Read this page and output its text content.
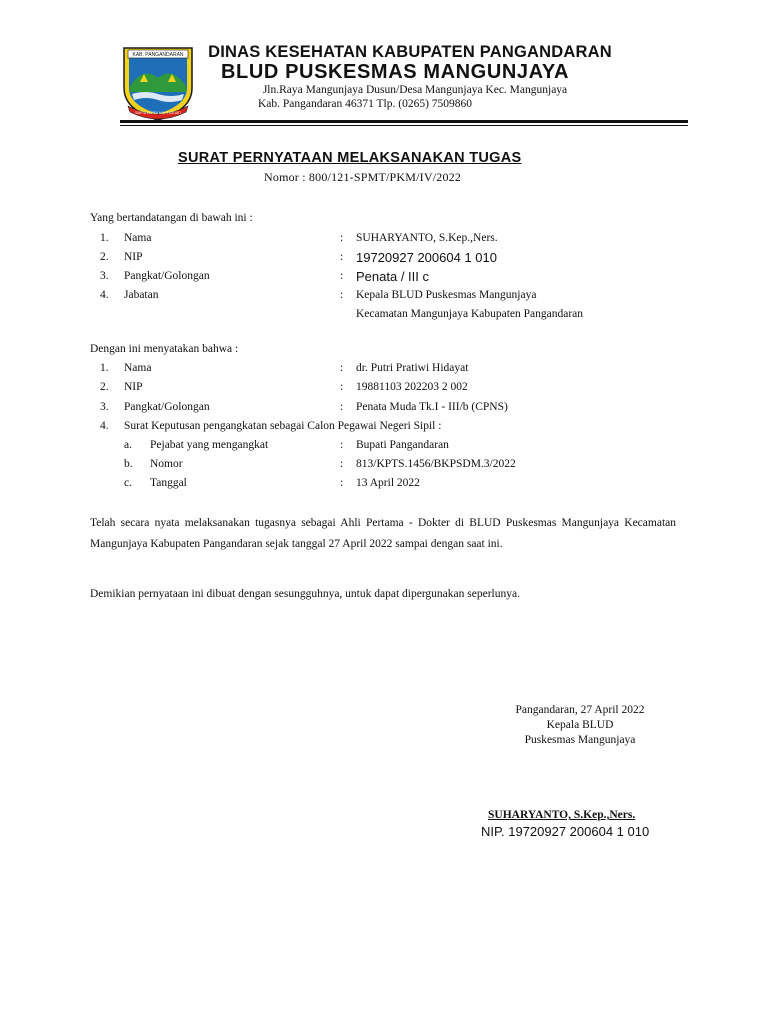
KAB. PANGANDARAN
SAPTA KARSA MUKTISEJATI
DINAS KESEHATAN KABUPATEN PANGANDARAN
BLUD PUSKESMAS MANGUNJAYA
Jln.Raya Mangunjaya Dusun/Desa Mangunjaya Kec. Mangunjaya
Kab. Pangandaran 46371 Tlp. (0265) 7509860
SURAT PERNYATAAN MELAKSANAKAN TUGAS
Nomor : 800/121-SPMT/PKM/IV/2022
Yang bertandatangan di bawah ini :
1. Nama	: SUHARYANTO, S.Kep.,Ners.
2. NIP	: 19720927 200604 1 010
3. Pangkat/Golongan	: Penata / III c
4. Jabatan	: Kepala BLUD Puskesmas Mangunjaya
Kecamatan Mangunjaya Kabupaten Pangandaran
Dengan ini menyatakan bahwa :
1. Nama	: dr. Putri Pratiwi Hidayat
2. NIP	: 19881103 202203 2 002
3. Pangkat/Golongan	: Penata Muda Tk.I - III/b (CPNS)
4. Surat Keputusan pengangkatan sebagai Calon Pegawai Negeri Sipil :
a. Pejabat yang mengangkat	: Bupati Pangandaran
b. Nomor	: 813/KPTS.1456/BKPSDM.3/2022
c. Tanggal	: 13 April 2022
Telah secara nyata melaksanakan tugasnya sebagai Ahli Pertama - Dokter di BLUD Puskesmas Mangunjaya Kecamatan Mangunjaya Kabupaten Pangandaran sejak tanggal 27 April 2022 sampai dengan saat ini.
Demikian pernyataan ini dibuat dengan sesungguhnya, untuk dapat dipergunakan seperlunya.
Pangandaran, 27 April 2022
Kepala BLUD
Puskesmas Mangunjaya
SUHARYANTO, S.Kep.,Ners.
NIP. 19720927 200604 1 010
